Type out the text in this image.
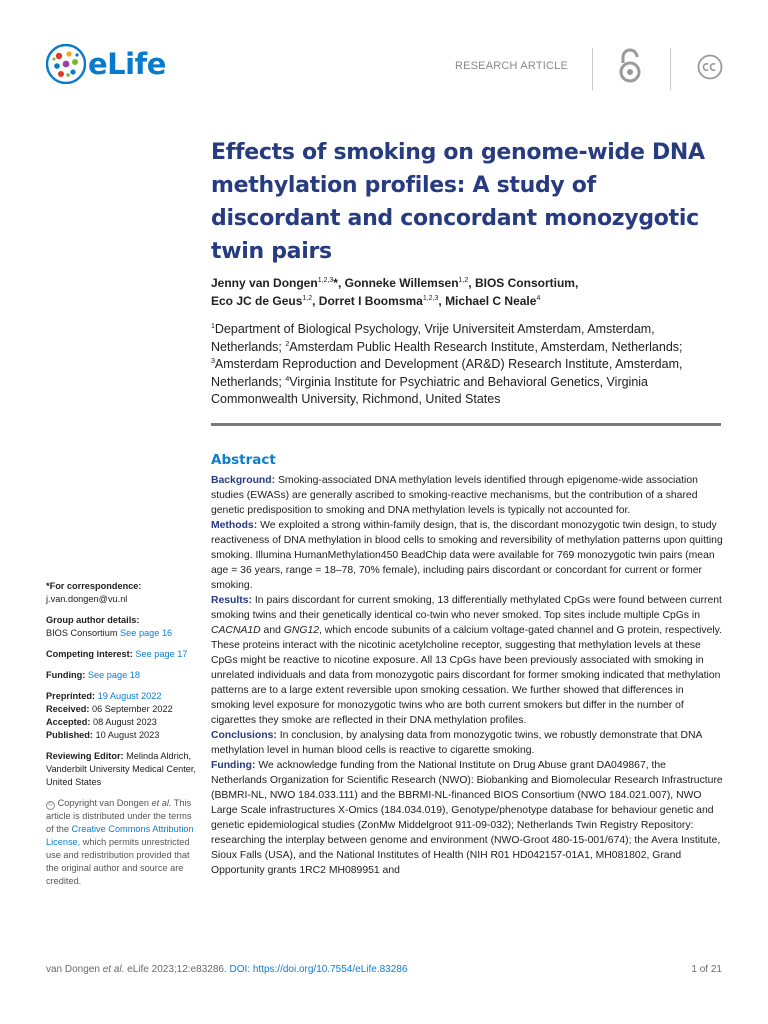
eLife	RESEARCH ARTICLE
Effects of smoking on genome-wide DNA methylation profiles: A study of discordant and concordant monozygotic twin pairs
Jenny van Dongen$^{1,2,3}$*, Gonneke Willemsen$^{1,2}$, BIOS Consortium,
Eco JC de Geus$^{1,2}$, Dorret I Boomsma$^{1,2,3}$, Michael C Neale$^4$
$^1$Department of Biological Psychology, Vrije Universiteit Amsterdam, Amsterdam, Netherlands; $^2$Amsterdam Public Health Research Institute, Amsterdam, Netherlands; $^3$Amsterdam Reproduction and Development (AR&D) Research Institute, Amsterdam, Netherlands; $^4$Virginia Institute for Psychiatric and Behavioral Genetics, Virginia Commonwealth University, Richmond, United States
Abstract

Background: Smoking-associated DNA methylation levels identified through epigenome-wide association studies (EWASs) are generally ascribed to smoking-reactive mechanisms, but the contribution of a shared genetic predisposition to smoking and DNA methylation levels is typically not accounted for.

Methods: We exploited a strong within-family design, that is, the discordant monozygotic twin design, to study reactiveness of DNA methylation in blood cells to smoking and reversibility of methylation patterns upon quitting smoking. Illumina HumanMethylation450 BeadChip data were available for 769 monozygotic twin pairs (mean age = 36 years, range = 18–78, 70% female), including pairs discordant or concordant for current or former smoking.

Results: In pairs discordant for current smoking, 13 differentially methylated CpGs were found between current smoking twins and their genetically identical co-twin who never smoked. Top sites include multiple CpGs in CACNA1D and GNG12, which encode subunits of a calcium voltage-gated channel and G protein, respectively. These proteins interact with the nicotinic acetylcholine receptor, suggesting that methylation levels at these CpGs might be reactive to nicotine exposure. All 13 CpGs have been previously associated with smoking in unrelated individuals and data from monozygotic pairs discordant for former smoking indicated that methylation patterns are to a large extent reversible upon smoking cessation. We further showed that differences in smoking level exposure for monozygotic twins who are both current smokers but differ in the number of cigarettes they smoke are reflected in their DNA methylation profiles.

Conclusions: In conclusion, by analysing data from monozygotic twins, we robustly demonstrate that DNA methylation level in human blood cells is reactive to cigarette smoking.

Funding: We acknowledge funding from the National Institute on Drug Abuse grant DA049867, the Netherlands Organization for Scientific Research (NWO): Biobanking and Biomolecular Research Infrastructure (BBMRI-NL, NWO 184.033.111) and the BBRMI-NL-financed BIOS Consortium (NWO 184.021.007), NWO Large Scale infrastructures X-Omics (184.034.019), Genotype/phenotype database for behaviour genetic and genetic epidemiological studies (ZonMw Middelgroot 911-09-032); Netherlands Twin Registry Repository: researching the interplay between genome and environment (NWO-Groot 480-15-001/674); the Avera Institute, Sioux Falls (USA), and the National Institutes of Health (NIH R01 HD042157-01A1, MH081802, Grand Opportunity grants 1RC2 MH089951 and

*For correspondence:
j.van.dongen@vu.nl
Group author details:
BIOS Consortium See page 16
Competing interest: See page 17
Funding: See page 18
Preprinted: 19 August 2022
Received: 06 September 2022
Accepted: 08 August 2023
Published: 10 August 2023
Reviewing Editor: Melinda Aldrich, Vanderbilt University Medical Center, United States
© Copyright van Dongen et al. This article is distributed under the terms of the Creative Commons Attribution License, which permits unrestricted use and redistribution provided that the original author and source are credited.
van Dongen et al. eLife 2023;12:e83286. DOI: https://doi.org/10.7554/eLife.83286	1 of 21
